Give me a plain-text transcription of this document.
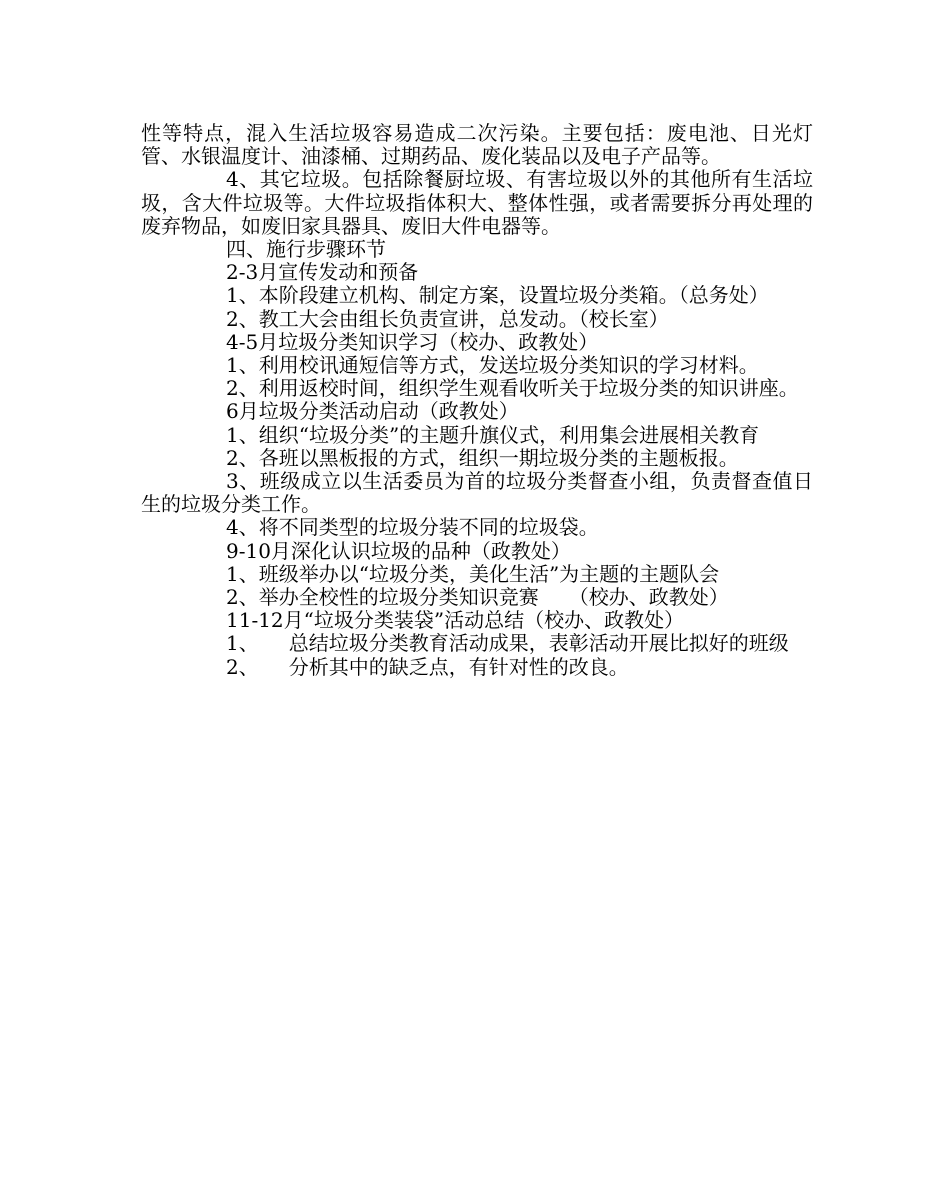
性等特点，混入生活垃圾容易造成二次污染。主要包括：废电池、日光灯管、水银温度计、油漆桶、过期药品、废化装品以及电子产品等。

4、其它垃圾。包括除餐厨垃圾、有害垃圾以外的其他所有生活垃圾，含大件垃圾等。大件垃圾指体积大、整体性强，或者需要拆分再处理的废弃物品，如废旧家具器具、废旧大件电器等。

四、施行步骤环节

2-3月宣传发动和预备

1、本阶段建立机构、制定方案，设置垃圾分类箱。（总务处）

2、教工大会由组长负责宣讲，总发动。（校长室）

4-5月垃圾分类知识学习（校办、政教处）

1、利用校讯通短信等方式，发送垃圾分类知识的学习材料。

2、利用返校时间，组织学生观看收听关于垃圾分类的知识讲座。

6月垃圾分类活动启动（政教处）

1、组织“垃圾分类”的主题升旗仪式，利用集会进展相关教育

2、各班以黑板报的方式，组织一期垃圾分类的主题板报。

3、班级成立以生活委员为首的垃圾分类督查小组，负责督查值日生的垃圾分类工作。

4、将不同类型的垃圾分装不同的垃圾袋。

9-10月深化认识垃圾的品种（政教处）

1、班级举办以“垃圾分类，美化生活”为主题的主题队会

2、举办全校性的垃圾分类知识竞赛　　（校办、政教处）

11-12月“垃圾分类装袋”活动总结（校办、政教处）

1、　　总结垃圾分类教育活动成果，表彰活动开展比拟好的班级

2、　　分析其中的缺乏点，有针对性的改良。
